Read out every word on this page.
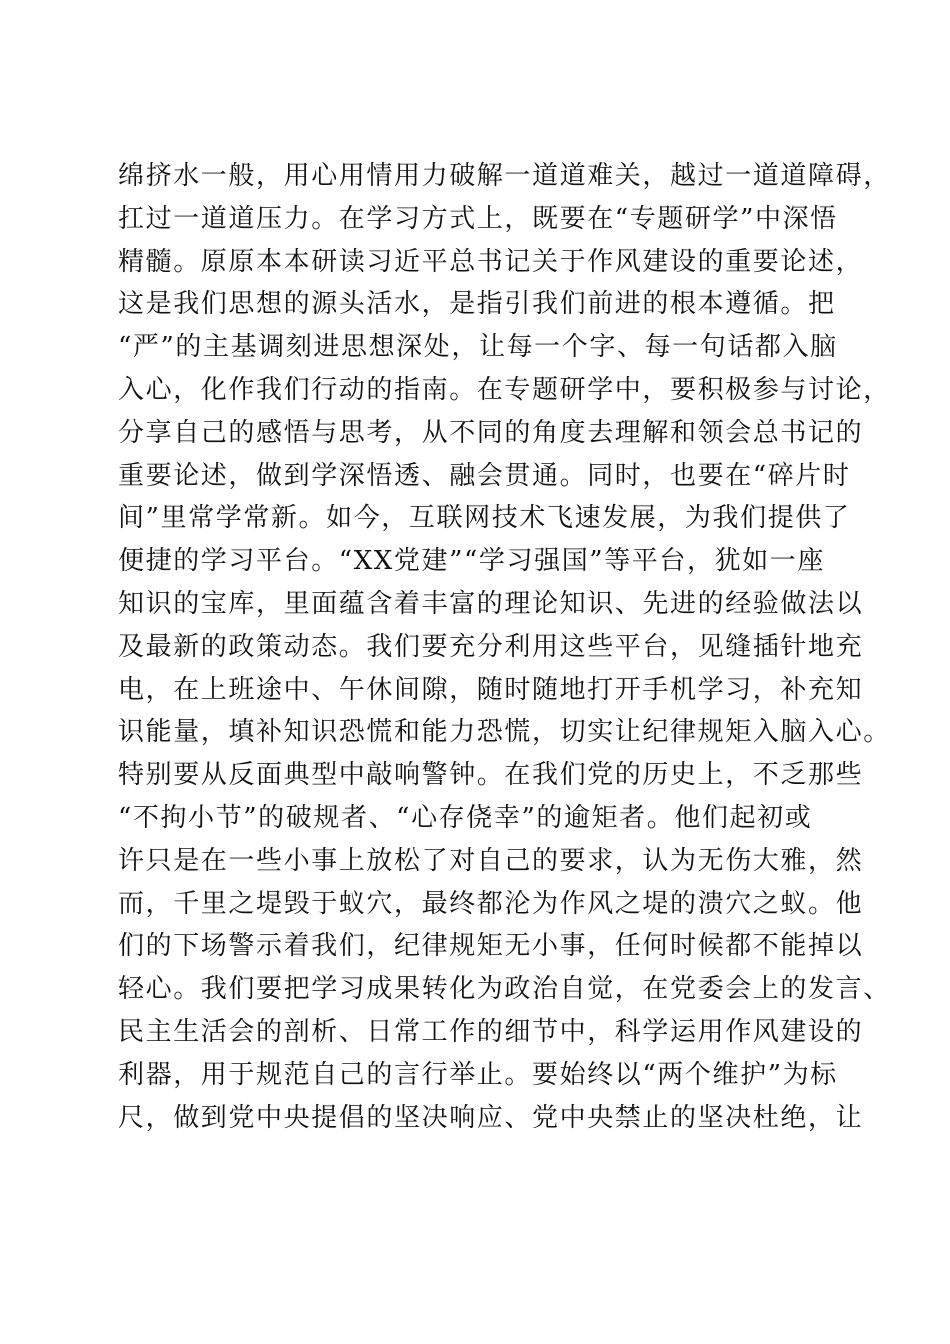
绵挤水一般，用心用情用力破解一道道难关，越过一道道障碍，
扛过一道道压力。在学习方式上，既要在“专题研学”中深悟
精髓。原原本本研读习近平总书记关于作风建设的重要论述，
这是我们思想的源头活水，是指引我们前进的根本遵循。把
“严”的主基调刻进思想深处，让每一个字、每一句话都入脑
入心，化作我们行动的指南。在专题研学中，要积极参与讨论，
分享自己的感悟与思考，从不同的角度去理解和领会总书记的
重要论述，做到学深悟透、融会贯通。同时，也要在“碎片时
间”里常学常新。如今，互联网技术飞速发展，为我们提供了
便捷的学习平台。“XX党建”“学习强国”等平台，犹如一座
知识的宝库，里面蕴含着丰富的理论知识、先进的经验做法以
及最新的政策动态。我们要充分利用这些平台，见缝插针地充
电，在上班途中、午休间隙，随时随地打开手机学习，补充知
识能量，填补知识恐慌和能力恐慌，切实让纪律规矩入脑入心。
特别要从反面典型中敲响警钟。在我们党的历史上，不乏那些
“不拘小节”的破规者、“心存侥幸”的逾矩者。他们起初或
许只是在一些小事上放松了对自己的要求，认为无伤大雅，然
而，千里之堤毁于蚁穴，最终都沦为作风之堤的溃穴之蚁。他
们的下场警示着我们，纪律规矩无小事，任何时候都不能掉以
轻心。我们要把学习成果转化为政治自觉，在党委会上的发言、
民主生活会的剖析、日常工作的细节中，科学运用作风建设的
利器，用于规范自己的言行举止。要始终以“两个维护”为标
尺，做到党中央提倡的坚决响应、党中央禁止的坚决杜绝，让
